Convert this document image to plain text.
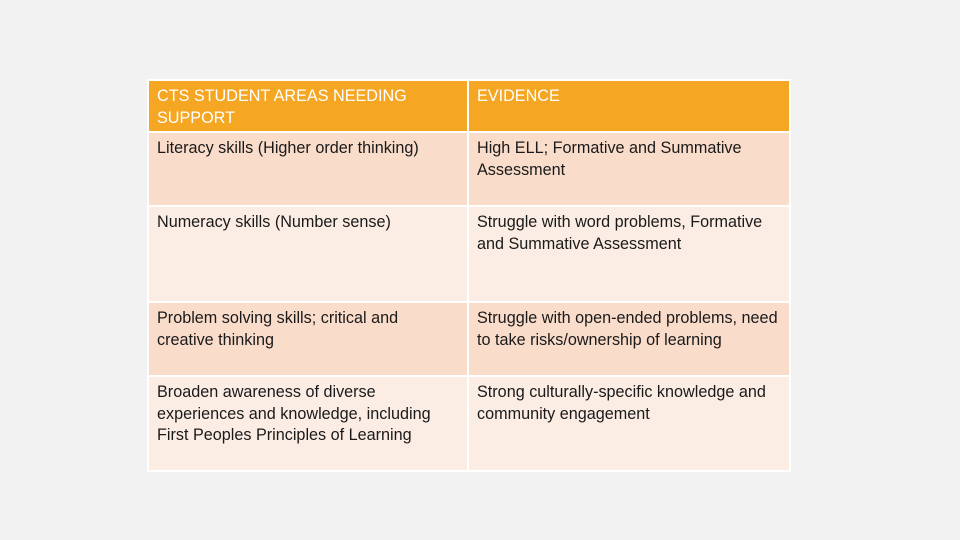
CTS STUDENT AREAS NEEDING SUPPORT	EVIDENCE
Literacy skills (Higher order thinking)	High ELL; Formative and Summative Assessment
Numeracy skills (Number sense)	Struggle with word problems, Formative and Summative Assessment
Problem solving skills; critical and creative thinking	Struggle with open-ended problems, need to take risks/ownership of learning
Broaden awareness of diverse experiences and knowledge, including First Peoples Principles of Learning	Strong culturally-specific knowledge and community engagement
